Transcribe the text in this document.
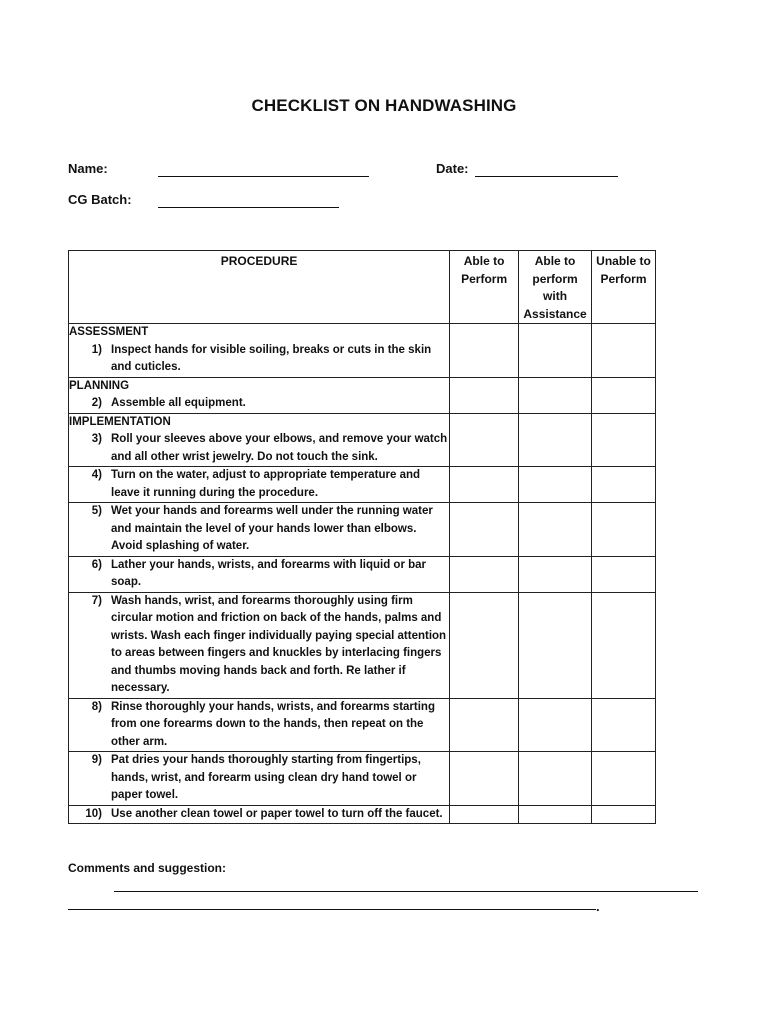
CHECKLIST ON HANDWASHING
Name:	Date:
CG Batch:
PROCEDURE	Able to Perform	Able to perform with Assistance	Unable to Perform

ASSESSMENT
1) Inspect hands for visible soiling, breaks or cuts in the skin and cuticles.			

PLANNING
2) Assemble all equipment.			

IMPLEMENTATION
3) Roll your sleeves above your elbows, and remove your watch and all other wrist jewelry. Do not touch the sink.			

4) Turn on the water, adjust to appropriate temperature and leave it running during the procedure.			

5) Wet your hands and forearms well under the running water and maintain the level of your hands lower than elbows. Avoid splashing of water.			

6) Lather your hands, wrists, and forearms with liquid or bar soap.			

7) Wash hands, wrist, and forearms thoroughly using firm circular motion and friction on back of the hands, palms and wrists. Wash each finger individually paying special attention to areas between fingers and knuckles by interlacing fingers and thumbs moving hands back and forth. Re lather if necessary.			

8) Rinse thoroughly your hands, wrists, and forearms starting from one forearms down to the hands, then repeat on the other arm.			

9) Pat dries your hands thoroughly starting from fingertips, hands, wrist, and forearm using clean dry hand towel or paper towel.			

10) Use another clean towel or paper towel to turn off the faucet.			

Comments and suggestion:
.
